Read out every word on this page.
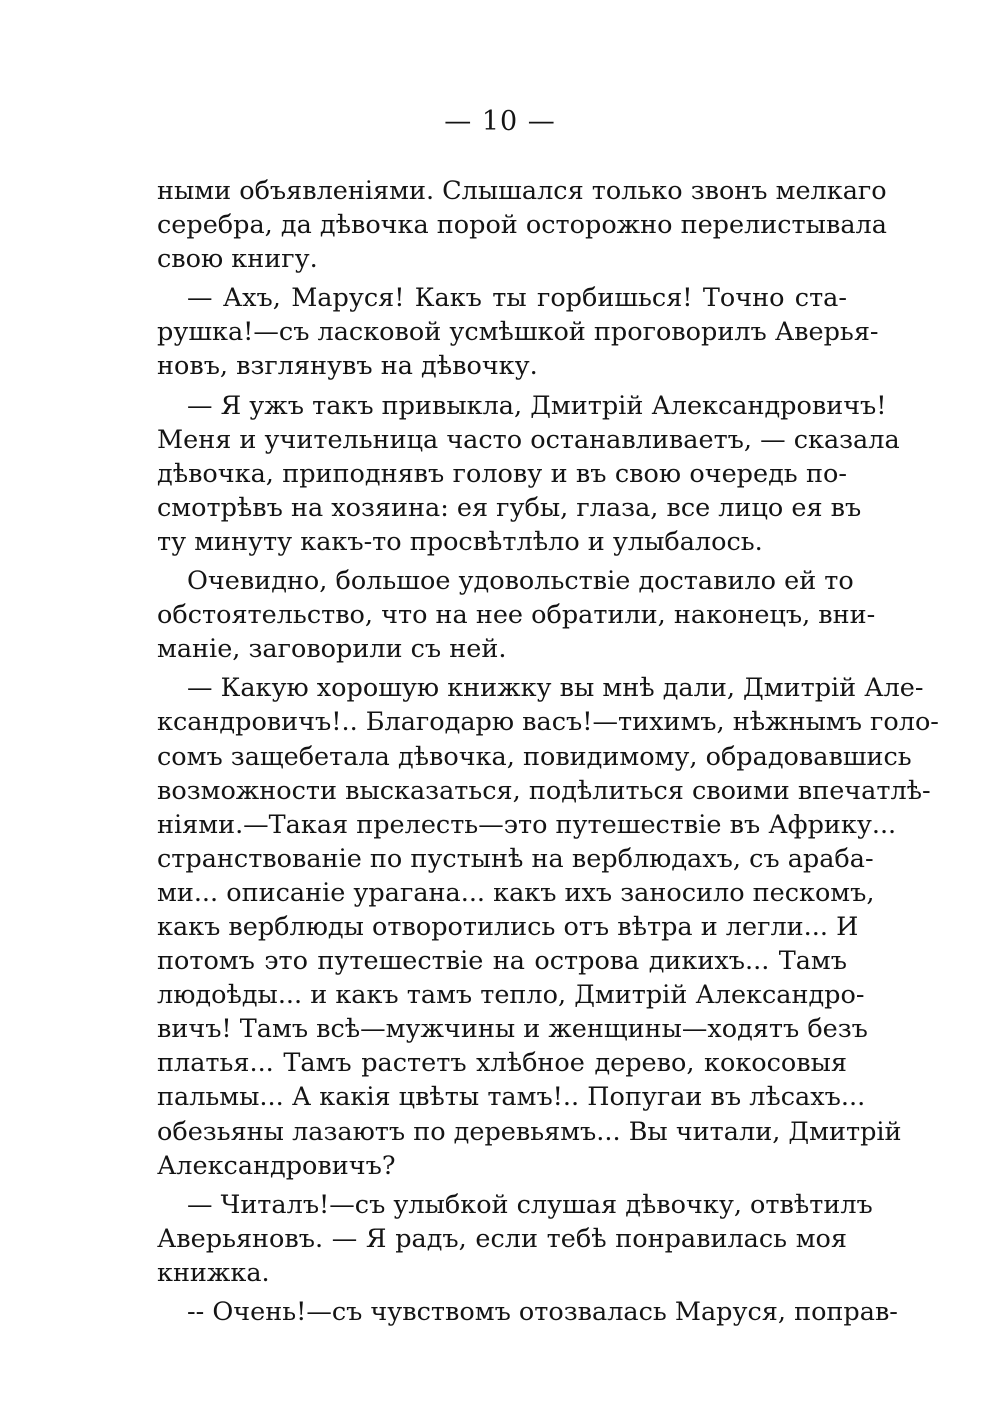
— 10 —
ными объявленіями. Слышался только звонъ мелкаго
серебра, да дѣвочка порой осторожно перелистывала
свою книгу.
— Ахъ, Маруся! Какъ ты горбишься! Точно ста-
рушка!—съ ласковой усмѣшкой проговорилъ Аверья-
новъ, взглянувъ на дѣвочку.
— Я ужъ такъ привыкла, Дмитрій Александровичъ!
Меня и учительница часто останавливаетъ, — сказала
дѣвочка, приподнявъ голову и въ свою очередь по-
смотрѣвъ на хозяина: ея губы, глаза, все лицо ея въ
ту минуту какъ-то просвѣтлѣло и улыбалось.
Очевидно, большое удовольствіе доставило ей то
обстоятельство, что на нее обратили, наконецъ, вни-
маніе, заговорили съ ней.
— Какую хорошую книжку вы мнѣ дали, Дмитрій Але-
ксандровичъ!.. Благодарю васъ!—тихимъ, нѣжнымъ голо-
сомъ защебетала дѣвочка, повидимому, обрадовавшись
возможности высказаться, подѣлиться своими впечатлѣ-
ніями.—Такая прелесть—это путешествіе въ Африку...
странствованіе по пустынѣ на верблюдахъ, съ араба-
ми... описаніе урагана... какъ ихъ заносило пескомъ,
какъ верблюды отворотились отъ вѣтра и легли... И
потомъ это путешествіе на острова дикихъ... Тамъ
людоѣды... и какъ тамъ тепло, Дмитрій Александро-
вичъ! Тамъ всѣ—мужчины и женщины—ходятъ безъ
платья... Тамъ растетъ хлѣбное дерево, кокосовыя
пальмы... А какія цвѣты тамъ!.. Попугаи въ лѣсахъ...
обезьяны лазаютъ по деревьямъ... Вы читали, Дмитрій
Александровичъ?
— Читалъ!—съ улыбкой слушая дѣвочку, отвѣтилъ
Аверьяновъ. — Я радъ, если тебѣ понравилась моя
книжка.
-- Очень!—съ чувствомъ отозвалась Маруся, поправ-
